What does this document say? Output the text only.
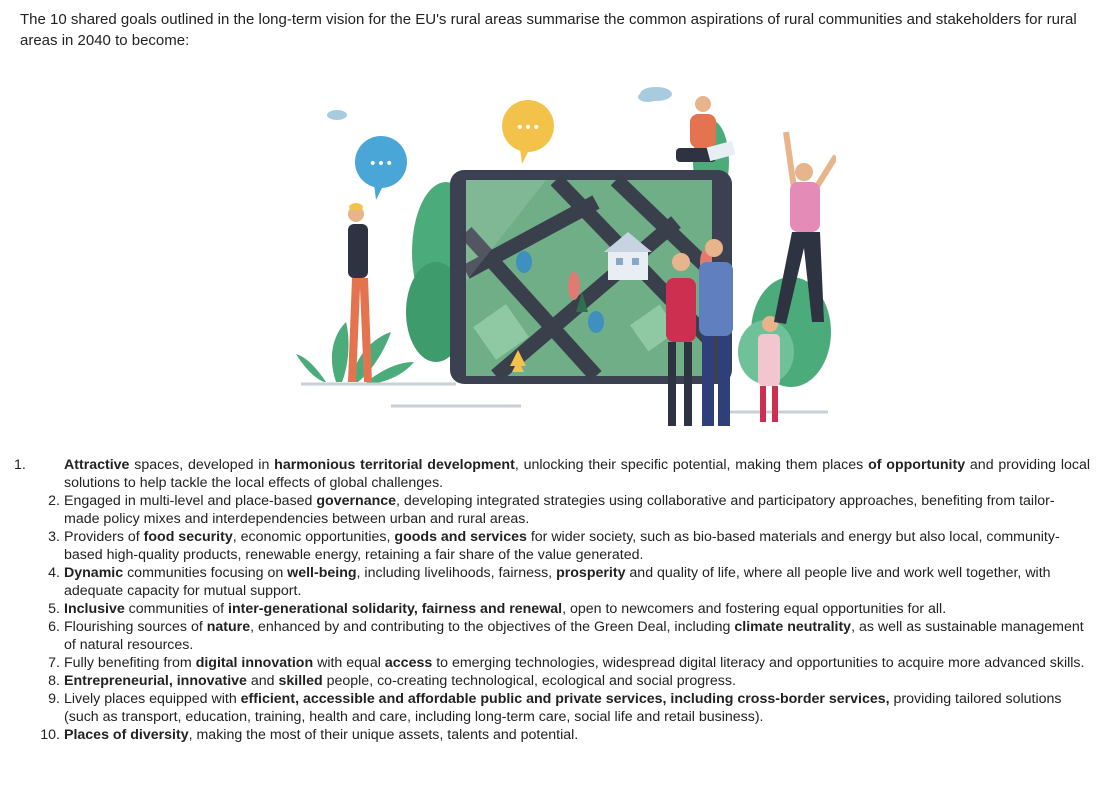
The 10 shared goals outlined in the long-term vision for the EU's rural areas summarise the common aspirations of rural communities and stakeholders for rural areas in 2040 to become:

•••
•••
1.	Attractive spaces, developed in harmonious territorial development, unlocking their specific potential, making them places of opportunity and providing local solutions to help tackle the local effects of global challenges.
2. Engaged in multi-level and place-based governance, developing integrated strategies using collaborative and participatory approaches, benefiting from tailor-made policy mixes and interdependencies between urban and rural areas.
3. Providers of food security, economic opportunities, goods and services for wider society, such as bio-based materials and energy but also local, community-based high-quality products, renewable energy, retaining a fair share of the value generated.
4. Dynamic communities focusing on well-being, including livelihoods, fairness, prosperity and quality of life, where all people live and work well together, with adequate capacity for mutual support.
5. Inclusive communities of inter-generational solidarity, fairness and renewal, open to newcomers and fostering equal opportunities for all.
6. Flourishing sources of nature, enhanced by and contributing to the objectives of the Green Deal, including climate neutrality, as well as sustainable management of natural resources.
7. Fully benefiting from digital innovation with equal access to emerging technologies, widespread digital literacy and opportunities to acquire more advanced skills.
8. Entrepreneurial, innovative and skilled people, co-creating technological, ecological and social progress.
9. Lively places equipped with efficient, accessible and affordable public and private services, including cross-border services, providing tailored solutions (such as transport, education, training, health and care, including long-term care, social life and retail business).
10. Places of diversity, making the most of their unique assets, talents and potential.
